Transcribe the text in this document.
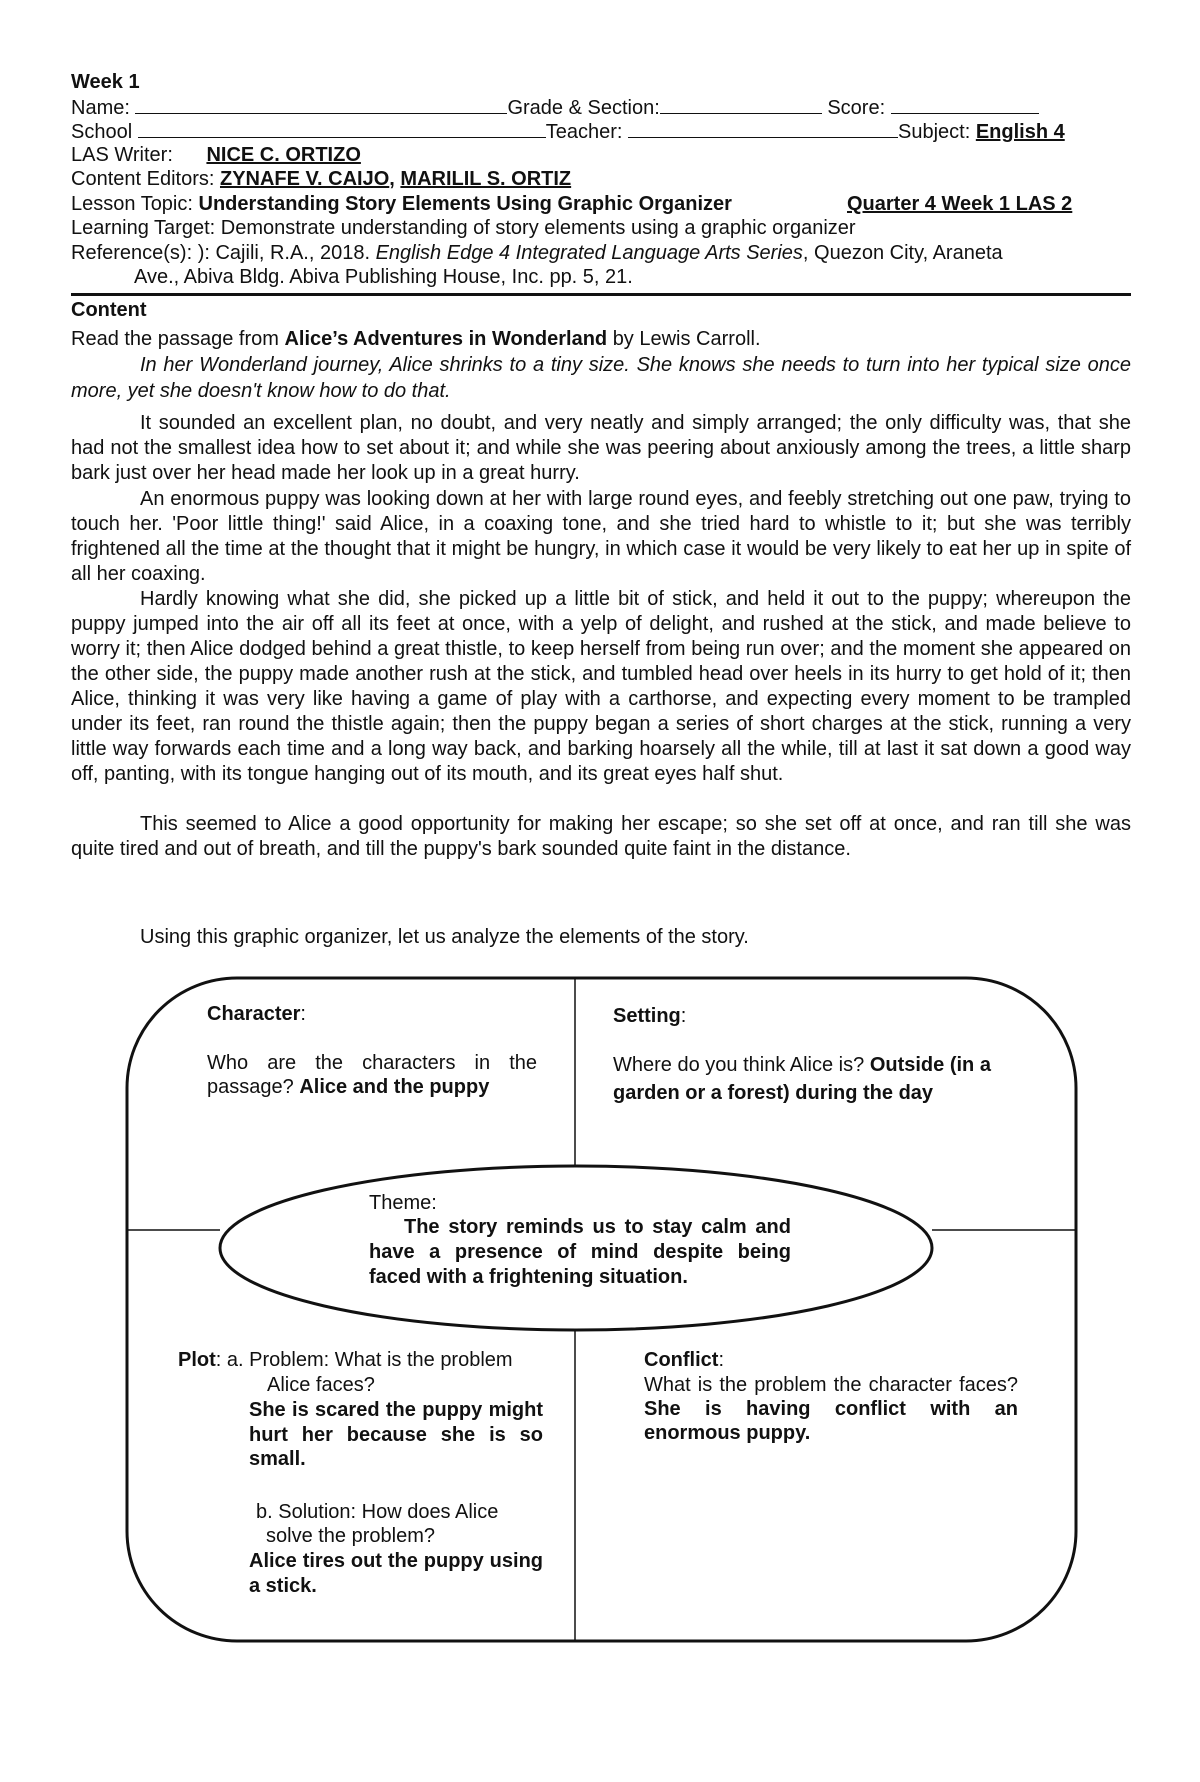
Week 1
Name:	Grade & Section:	Score:
School	Teacher:	Subject: English 4
LAS Writer: NICE C. ORTIZO
Content Editors: ZYNAFE V. CAIJO, MARILIL S. ORTIZ
Lesson Topic: Understanding Story Elements Using Graphic Organizer	Quarter 4 Week 1 LAS 2
Learning Target: Demonstrate understanding of story elements using a graphic organizer
Reference(s): ): Cajili, R.A., 2018. English Edge 4 Integrated Language Arts Series, Quezon City, Araneta
Ave., Abiva Bldg. Abiva Publishing House, Inc. pp. 5, 21.
Content
Read the passage from Alice’s Adventures in Wonderland by Lewis Carroll.
In her Wonderland journey, Alice shrinks to a tiny size. She knows she needs to turn into her typical size once more, yet she doesn't know how to do that.
It sounded an excellent plan, no doubt, and very neatly and simply arranged; the only difficulty was, that she had not the smallest idea how to set about it; and while she was peering about anxiously among the trees, a little sharp bark just over her head made her look up in a great hurry.
An enormous puppy was looking down at her with large round eyes, and feebly stretching out one paw, trying to touch her. 'Poor little thing!' said Alice, in a coaxing tone, and she tried hard to whistle to it; but she was terribly frightened all the time at the thought that it might be hungry, in which case it would be very likely to eat her up in spite of all her coaxing.
Hardly knowing what she did, she picked up a little bit of stick, and held it out to the puppy; whereupon the puppy jumped into the air off all its feet at once, with a yelp of delight, and rushed at the stick, and made believe to worry it; then Alice dodged behind a great thistle, to keep herself from being run over; and the moment she appeared on the other side, the puppy made another rush at the stick, and tumbled head over heels in its hurry to get hold of it; then Alice, thinking it was very like having a game of play with a carthorse, and expecting every moment to be trampled under its feet, ran round the thistle again; then the puppy began a series of short charges at the stick, running a very little way forwards each time and a long way back, and barking hoarsely all the while, till at last it sat down a good way off, panting, with its tongue hanging out of its mouth, and its great eyes half shut.
This seemed to Alice a good opportunity for making her escape; so she set off at once, and ran till she was quite tired and out of breath, and till the puppy's bark sounded quite faint in the distance.
Using this graphic organizer, let us analyze the elements of the story.
Character:
Who are the characters in the passage? Alice and the puppy
Setting:
Where do you think Alice is? Outside (in a garden or a forest) during the day
Theme:
The story reminds us to stay calm and have a presence of mind despite being faced with a frightening situation.
Plot: a. Problem: What is the problem
Alice faces?
She is scared the puppy might hurt her because she is so small.
b. Solution: How does Alice
solve the problem?
Alice tires out the puppy using a stick.
Conflict:
What is the problem the character faces? She is having conflict with an enormous puppy.
